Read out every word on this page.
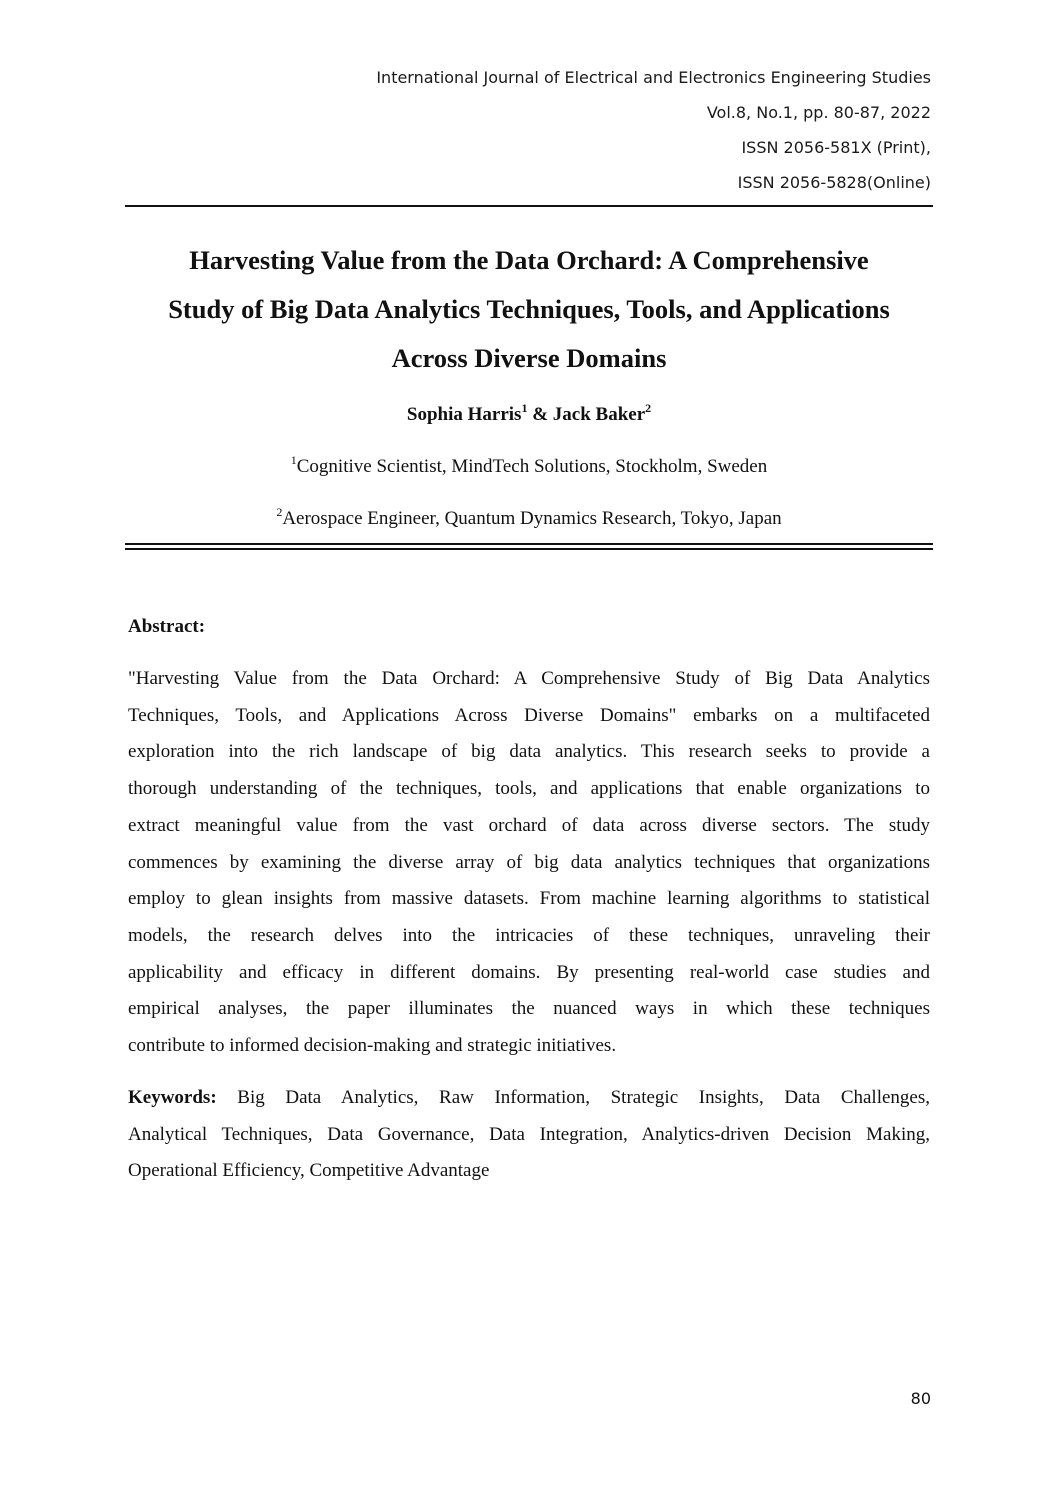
International Journal of Electrical and Electronics Engineering Studies
Vol.8, No.1, pp. 80-87, 2022
ISSN 2056-581X (Print),
ISSN 2056-5828(Online)
Harvesting Value from the Data Orchard: A Comprehensive
Study of Big Data Analytics Techniques, Tools, and Applications
Across Diverse Domains
Sophia Harris$^1$ & Jack Baker$^2$
$^1$Cognitive Scientist, MindTech Solutions, Stockholm, Sweden
$^2$Aerospace Engineer, Quantum Dynamics Research, Tokyo, Japan
Abstract:
"Harvesting Value from the Data Orchard: A Comprehensive Study of Big Data Analytics
Techniques, Tools, and Applications Across Diverse Domains" embarks on a multifaceted
exploration into the rich landscape of big data analytics. This research seeks to provide a
thorough understanding of the techniques, tools, and applications that enable organizations to
extract meaningful value from the vast orchard of data across diverse sectors. The study
commences by examining the diverse array of big data analytics techniques that organizations
employ to glean insights from massive datasets. From machine learning algorithms to statistical
models, the research delves into the intricacies of these techniques, unraveling their
applicability and efficacy in different domains. By presenting real-world case studies and
empirical analyses, the paper illuminates the nuanced ways in which these techniques
contribute to informed decision-making and strategic initiatives.
Keywords: Big Data Analytics, Raw Information, Strategic Insights, Data Challenges,
Analytical Techniques, Data Governance, Data Integration, Analytics-driven Decision Making,
Operational Efficiency, Competitive Advantage
80
